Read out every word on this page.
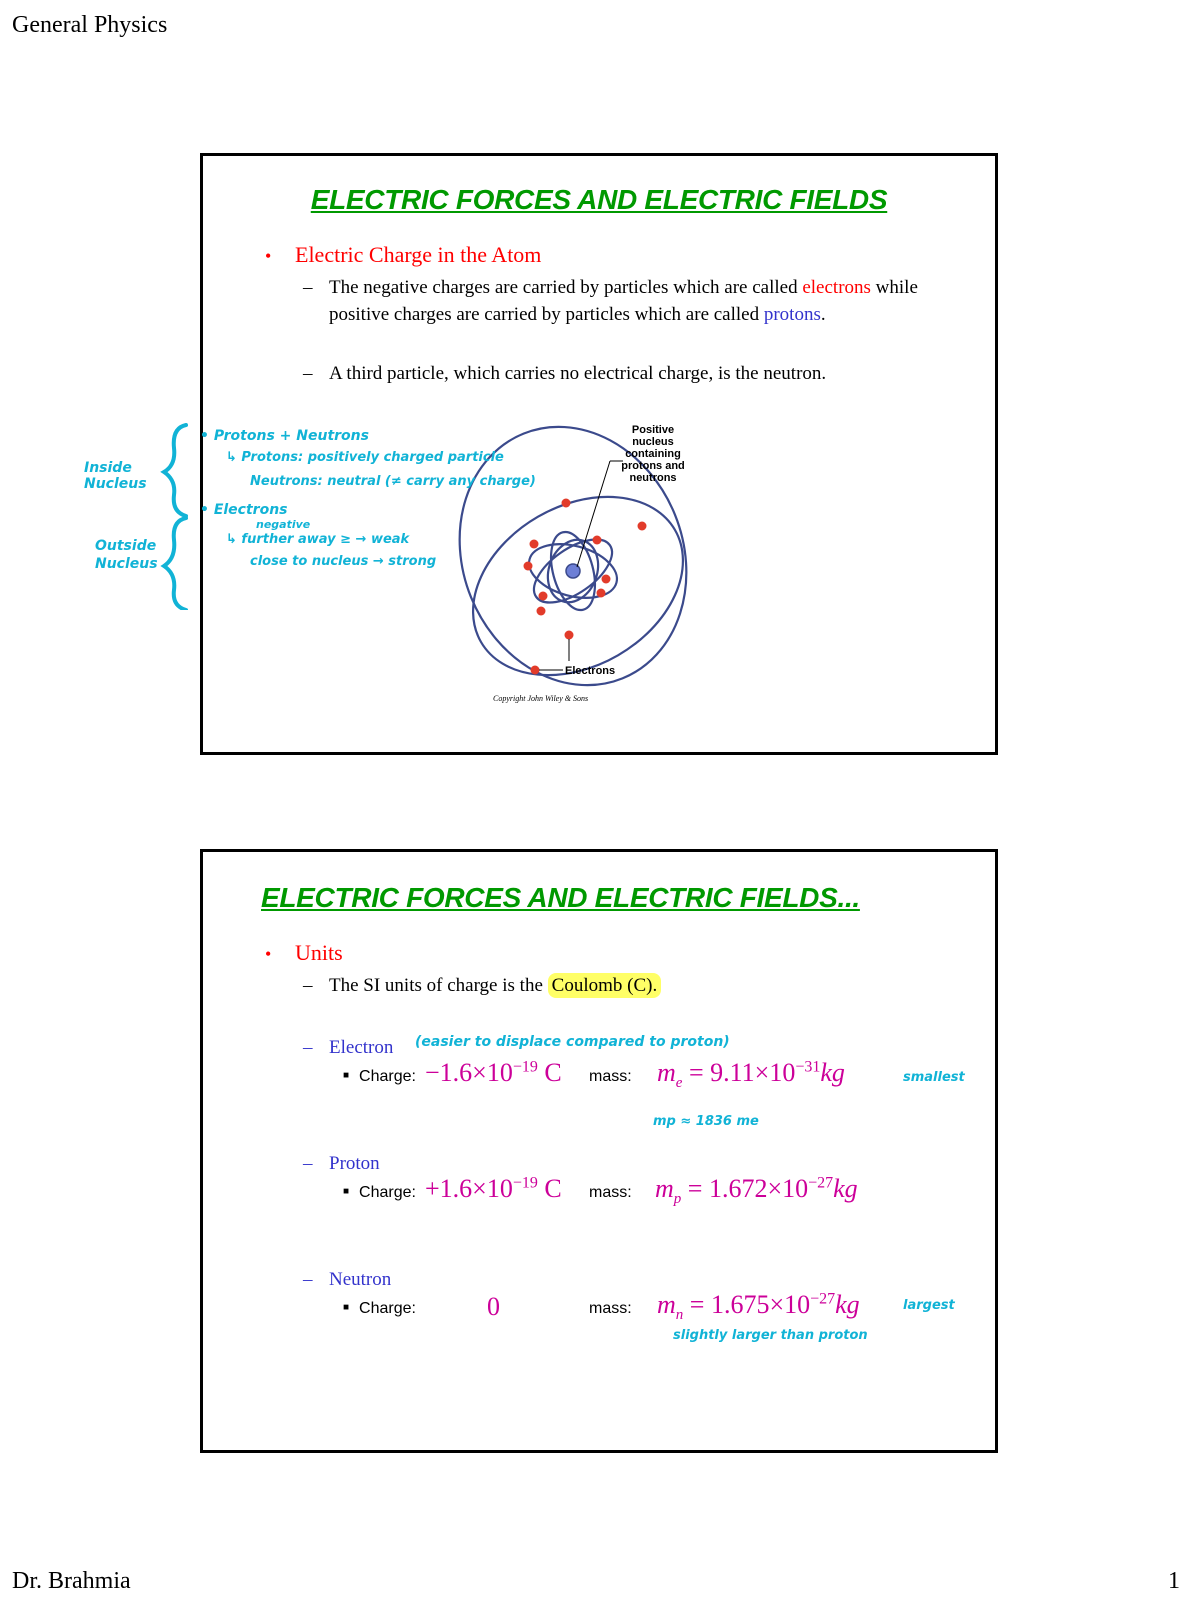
General Physics
ELECTRIC FORCES AND ELECTRIC FIELDS
• Electric Charge in the Atom
– The negative charges are carried by particles which are called electrons while positive charges are carried by particles which are called protons.
– A third particle, which carries no electrical charge, is the neutron.
Positive
nucleus
containing
protons and
neutrons
Electrons
Copyright John Wiley & Sons
Inside
Nucleus
Outside
Nucleus
• Protons + Neutrons
↳ Protons: positively charged particle
Neutrons: neutral (≠ carry any charge)
• Electrons
negative
↳ further away ≥ → weak
close to nucleus → strong
ELECTRIC FORCES AND ELECTRIC FIELDS...
• Units
– The SI units of charge is the Coulomb (C).
– Electron (easier to displace compared to proton)
■ Charge: $-1.6\times 10^{-19}$ C mass: $m_e = 9.11\times 10^{-31}kg$	smallest
mp ≈ 1836 me
– Proton
■ Charge: $+1.6\times 10^{-19}$ C mass: $m_p = 1.672\times 10^{-27}kg$
– Neutron
■ Charge:	0	mass: $m_n = 1.675\times 10^{-27}kg$	largest
slightly larger than proton
Dr. Brahmia	1
